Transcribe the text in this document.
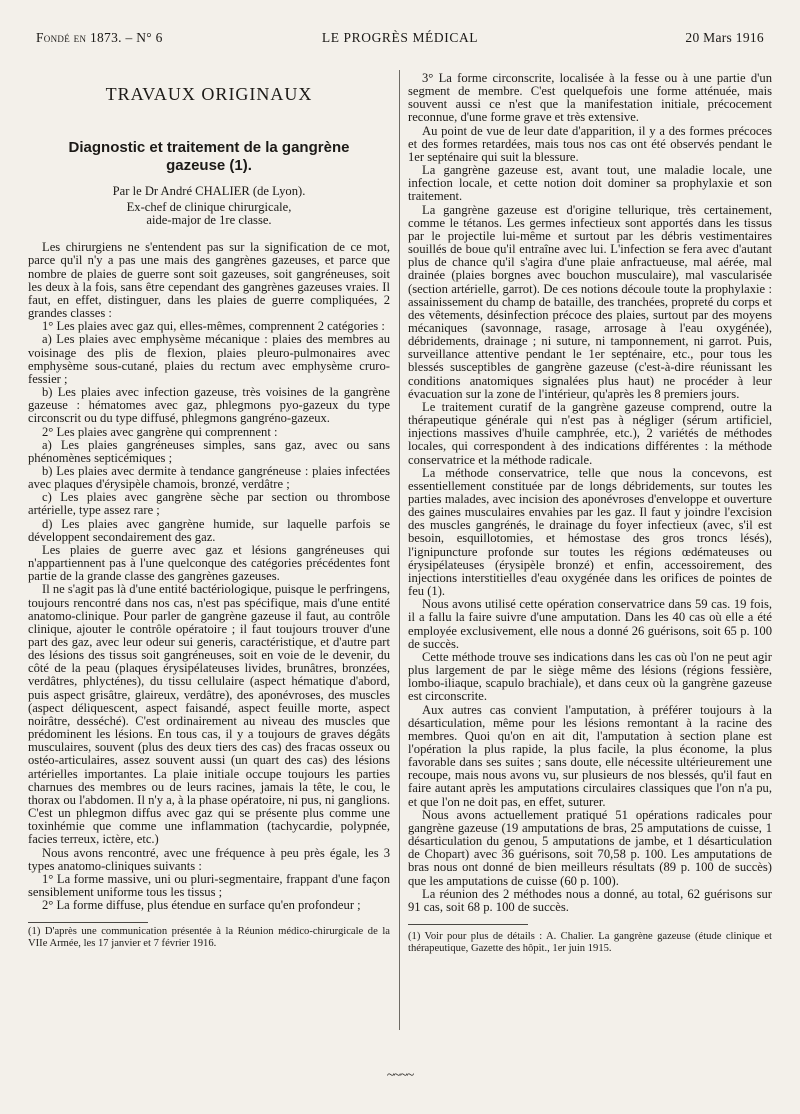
Fondé en 1873. – N° 6	LE PROGRÈS MÉDICAL	20 Mars 1916
TRAVAUX ORIGINAUX
Diagnostic et traitement de la gangrène
gazeuse (1).
Par le Dr André CHALIER (de Lyon).
Ex-chef de clinique chirurgicale,
aide-major de 1re classe.

Les chirurgiens ne s'entendent pas sur la signification de ce mot, parce qu'il n'y a pas une mais des gangrènes gazeuses, et parce que nombre de plaies de guerre sont soit gazeuses, soit gangréneuses, soit les deux à la fois, sans être cependant des gangrènes gazeuses vraies. Il faut, en effet, distinguer, dans les plaies de guerre compliquées, 2 grandes classes :

1° Les plaies avec gaz qui, elles-mêmes, comprennent 2 catégories :

a) Les plaies avec emphysème mécanique : plaies des membres au voisinage des plis de flexion, plaies pleuro-pulmonaires avec emphysème sous-cutané, plaies du rectum avec emphysème cruro-fessier ;

b) Les plaies avec infection gazeuse, très voisines de la gangrène gazeuse : hématomes avec gaz, phlegmons pyo-gazeux du type circonscrit ou du type diffusé, phlegmons gangréno-gazeux.

2° Les plaies avec gangrène qui comprennent :

a) Les plaies gangréneuses simples, sans gaz, avec ou sans phénomènes septicémiques ;

b) Les plaies avec dermite à tendance gangréneuse : plaies infectées avec plaques d'érysipèle chamois, bronzé, verdâtre ;

c) Les plaies avec gangrène sèche par section ou thrombose artérielle, type assez rare ;

d) Les plaies avec gangrène humide, sur laquelle parfois se développent secondairement des gaz.

Les plaies de guerre avec gaz et lésions gangréneuses qui n'appartiennent pas à l'une quelconque des catégories précédentes font partie de la grande classe des gangrènes gazeuses.

Il ne s'agit pas là d'une entité bactériologique, puisque le perfringens, toujours rencontré dans nos cas, n'est pas spécifique, mais d'une entité anatomo-clinique. Pour parler de gangrène gazeuse il faut, au contrôle clinique, ajouter le contrôle opératoire ; il faut toujours trouver d'une part des gaz, avec leur odeur sui generis, caractéristique, et d'autre part des lésions des tissus soit gangréneuses, soit en voie de le devenir, du côté de la peau (plaques érysipélateuses livides, brunâtres, bronzées, verdâtres, phlycténes), du tissu cellulaire (aspect hématique d'abord, puis aspect grisâtre, glaireux, verdâtre), des aponévroses, des muscles (aspect déliquescent, aspect faisandé, aspect feuille morte, aspect noirâtre, desséché). C'est ordinairement au niveau des muscles que prédominent les lésions. En tous cas, il y a toujours de graves dégâts musculaires, souvent (plus des deux tiers des cas) des fracas osseux ou ostéo-articulaires, assez souvent aussi (un quart des cas) des lésions artérielles importantes. La plaie initiale occupe toujours les parties charnues des membres ou de leurs racines, jamais la tête, le cou, le thorax ou l'abdomen. Il n'y a, à la phase opératoire, ni pus, ni ganglions. C'est un phlegmon diffus avec gaz qui se présente plus comme une toxinhémie que comme une inflammation (tachycardie, polypnée, facies terreux, ictère, etc.)

Nous avons rencontré, avec une fréquence à peu près égale, les 3 types anatomo-cliniques suivants :

1° La forme massive, uni ou pluri-segmentaire, frappant d'une façon sensiblement uniforme tous les tissus ;

2° La forme diffuse, plus étendue en surface qu'en profondeur ;

(1) D'après une communication présentée à la Réunion médico-chirurgicale de la VIIe Armée, les 17 janvier et 7 février 1916.

3° La forme circonscrite, localisée à la fesse ou à une partie d'un segment de membre. C'est quelquefois une forme atténuée, mais souvent aussi ce n'est que la manifestation initiale, précocement reconnue, d'une forme grave et très extensive.

Au point de vue de leur date d'apparition, il y a des formes précoces et des formes retardées, mais tous nos cas ont été observés pendant le 1er septénaire qui suit la blessure.

La gangrène gazeuse est, avant tout, une maladie locale, une infection locale, et cette notion doit dominer sa prophylaxie et son traitement.

La gangrène gazeuse est d'origine tellurique, très certainement, comme le tétanos. Les germes infectieux sont apportés dans les tissus par le projectile lui-même et surtout par les débris vestimentaires souillés de boue qu'il entraîne avec lui. L'infection se fera avec d'autant plus de chance qu'il s'agira d'une plaie anfractueuse, mal aérée, mal drainée (plaies borgnes avec bouchon musculaire), mal vascularisée (section artérielle, garrot). De ces notions découle toute la prophylaxie : assainissement du champ de bataille, des tranchées, propreté du corps et des vêtements, désinfection précoce des plaies, surtout par des moyens mécaniques (savonnage, rasage, arrosage à l'eau oxygénée), débridements, drainage ; ni suture, ni tamponnement, ni garrot. Puis, surveillance attentive pendant le 1er septénaire, etc., pour tous les blessés susceptibles de gangrène gazeuse (c'est-à-dire réunissant les conditions anatomiques signalées plus haut) ne procéder à leur évacuation sur la zone de l'intérieur, qu'après les 8 premiers jours.

Le traitement curatif de la gangrène gazeuse comprend, outre la thérapeutique générale qui n'est pas à négliger (sérum artificiel, injections massives d'huile camphrée, etc.), 2 variétés de méthodes locales, qui correspondent à des indications différentes : la méthode conservatrice et la méthode radicale.

La méthode conservatrice, telle que nous la concevons, est essentiellement constituée par de longs débridements, sur toutes les parties malades, avec incision des aponévroses d'enveloppe et ouverture des gaines musculaires envahies par les gaz. Il faut y joindre l'excision des muscles gangrénés, le drainage du foyer infectieux (avec, s'il est besoin, esquillotomies, et hémostase des gros troncs lésés), l'ignipuncture profonde sur toutes les régions œdémateuses ou érysipélateuses (érysipèle bronzé) et enfin, accessoirement, des injections interstitielles d'eau oxygénée dans les orifices de pointes de feu (1).

Nous avons utilisé cette opération conservatrice dans 59 cas. 19 fois, il a fallu la faire suivre d'une amputation. Dans les 40 cas où elle a été employée exclusivement, elle nous a donné 26 guérisons, soit 65 p. 100 de succès.

Cette méthode trouve ses indications dans les cas où l'on ne peut agir plus largement de par le siège même des lésions (régions fessière, lombo-iliaque, scapulo brachiale), et dans ceux où la gangrène gazeuse est circonscrite.

Aux autres cas convient l'amputation, à préférer toujours à la désarticulation, même pour les lésions remontant à la racine des membres. Quoi qu'on en ait dit, l'amputation à section plane est l'opération la plus rapide, la plus facile, la plus économe, la plus favorable dans ses suites ; sans doute, elle nécessite ultérieurement une recoupe, mais nous avons vu, sur plusieurs de nos blessés, qu'il faut en faire autant après les amputations circulaires classiques que l'on n'a pu, et que l'on ne doit pas, en effet, suturer.

Nous avons actuellement pratiqué 51 opérations radicales pour gangrène gazeuse (19 amputations de bras, 25 amputations de cuisse, 1 désarticulation du genou, 5 amputations de jambe, et 1 désarticulation de Chopart) avec 36 guérisons, soit 70,58 p. 100. Les amputations de bras nous ont donné de bien meilleurs résultats (89 p. 100 de succès) que les amputations de cuisse (60 p. 100).

La réunion des 2 méthodes nous a donné, au total, 62 guérisons sur 91 cas, soit 68 p. 100 de succès.

(1) Voir pour plus de détails : A. Chalier. La gangrène gazeuse (étude clinique et thérapeutique, Gazette des hôpit., 1er juin 1915.
~~~~
